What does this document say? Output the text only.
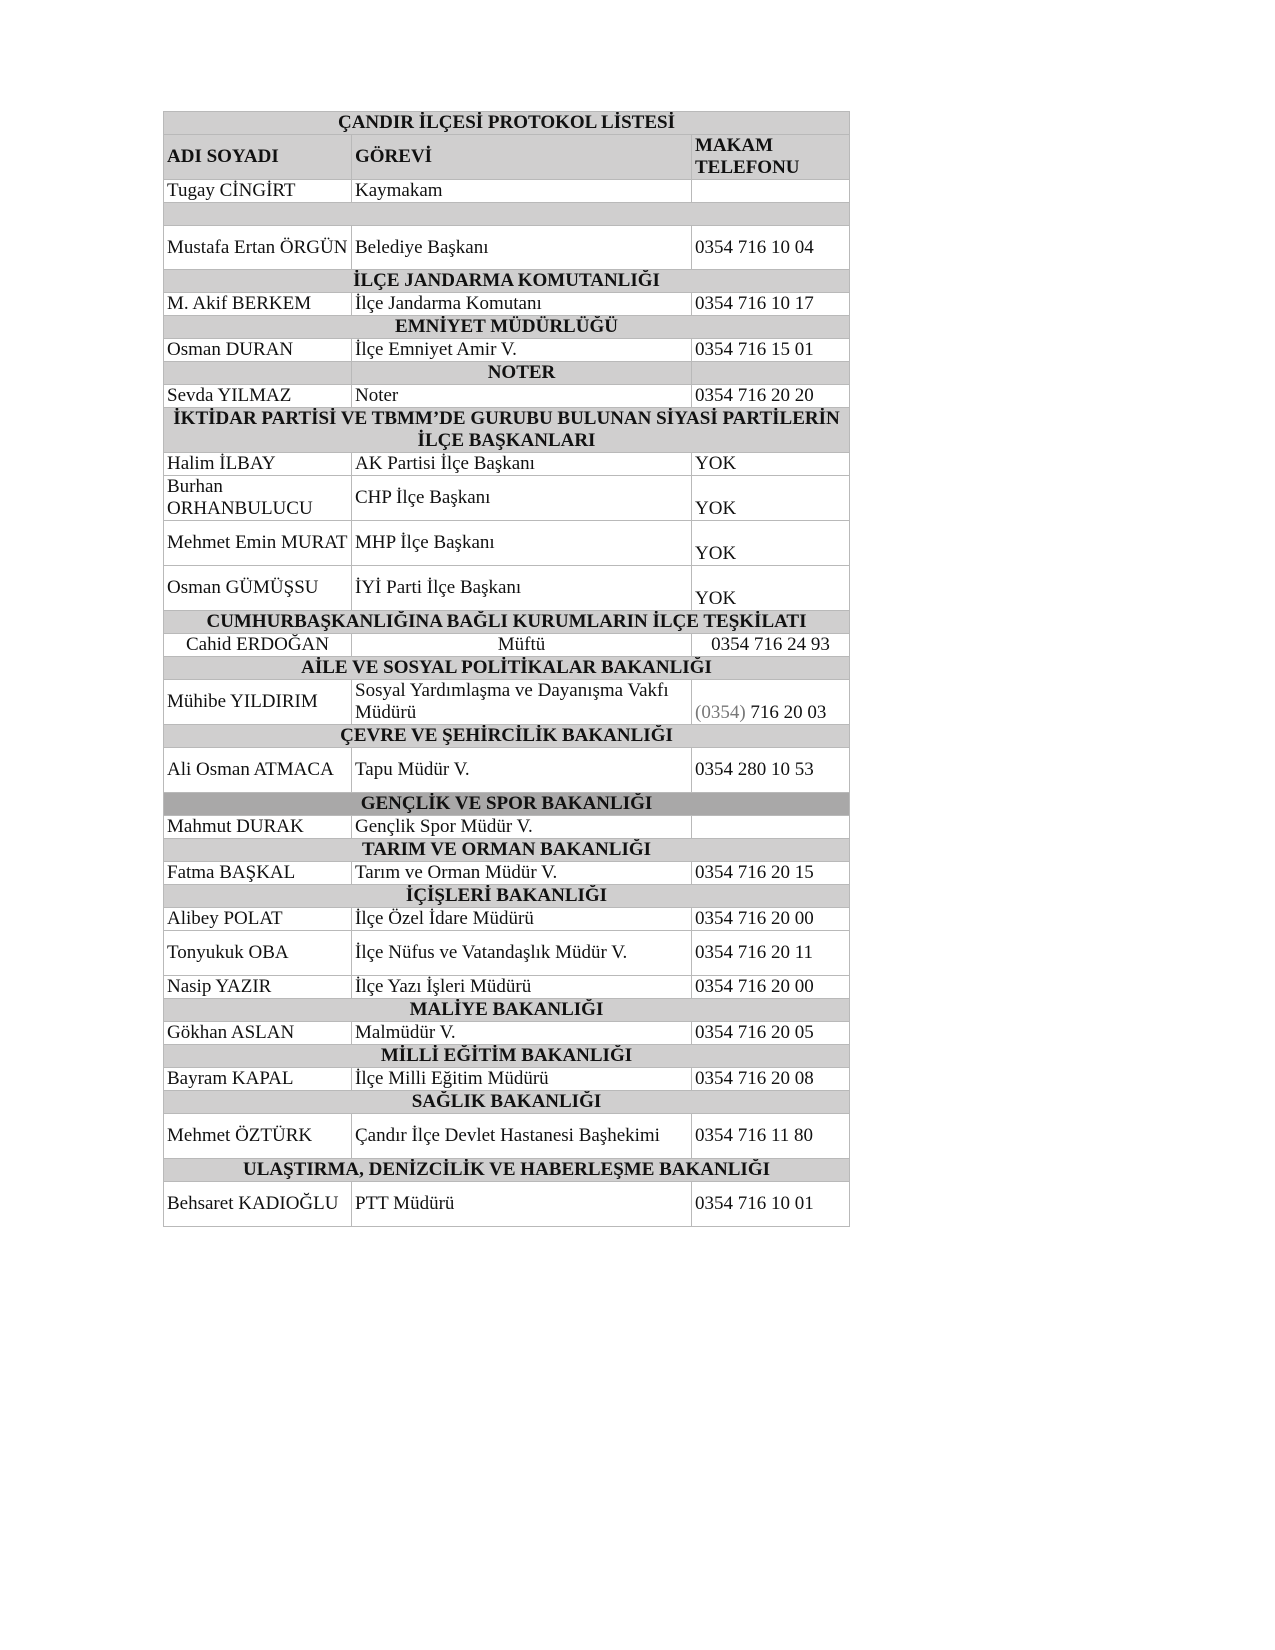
ÇANDIR İLÇESİ PROTOKOL LİSTESİ		
ADI SOYADI	GÖREVİ	MAKAM
TELEFONU
Tugay CİNGİRT	Kaymakam	

Mustafa Ertan ÖRGÜN	Belediye Başkanı	0354 716 10 04
İLÇE JANDARMA KOMUTANLIĞI		
M. Akif BERKEM	İlçe Jandarma Komutanı	0354 716 10 17
EMNİYET MÜDÜRLÜĞÜ		
Osman DURAN	İlçe Emniyet Amir V.	0354 716 15 01
	NOTER	
Sevda YILMAZ	Noter	0354 716 20 20
İKTİDAR PARTİSİ VE TBMM’DE GURUBU BULUNAN SİYASİ PARTİLERİN İLÇE BAŞKANLARI		
Halim İLBAY	AK Partisi İlçe Başkanı	YOK
Burhan ORHANBULUCU	CHP İlçe Başkanı	YOK
Mehmet Emin MURAT	MHP İlçe Başkanı	YOK
Osman GÜMÜŞSU	İYİ Parti İlçe Başkanı	YOK
CUMHURBAŞKANLIĞINA BAĞLI KURUMLARIN İLÇE TEŞKİLATI		
Cahid ERDOĞAN	Müftü	0354 716 24 93
AİLE VE SOSYAL POLİTİKALAR BAKANLIĞI		
Mühibe YILDIRIM	Sosyal Yardımlaşma ve Dayanışma Vakfı Müdürü	(0354) 716 20 03
ÇEVRE VE ŞEHİRCİLİK BAKANLIĞI		
Ali Osman ATMACA	Tapu Müdür V.	0354 280 10 53
GENÇLİK VE SPOR BAKANLIĞI		
Mahmut DURAK	Gençlik Spor Müdür V.	
TARIM VE ORMAN BAKANLIĞI		
Fatma BAŞKAL	Tarım ve Orman Müdür V.	0354 716 20 15
İÇİŞLERİ BAKANLIĞI		
Alibey POLAT	İlçe Özel İdare Müdürü	0354 716 20 00
Tonyukuk OBA	İlçe Nüfus ve Vatandaşlık Müdür V.	0354 716 20 11
Nasip YAZIR	İlçe Yazı İşleri Müdürü	0354 716 20 00
MALİYE BAKANLIĞI		
Gökhan ASLAN	Malmüdür V.	0354 716 20 05
MİLLİ EĞİTİM BAKANLIĞI		
Bayram KAPAL	İlçe Milli Eğitim Müdürü	0354 716 20 08
SAĞLIK BAKANLIĞI		
Mehmet ÖZTÜRK	Çandır İlçe Devlet Hastanesi Başhekimi	0354 716 11 80
ULAŞTIRMA, DENİZCİLİK VE HABERLEŞME BAKANLIĞI		
Behsaret KADIOĞLU	PTT Müdürü	0354 716 10 01
